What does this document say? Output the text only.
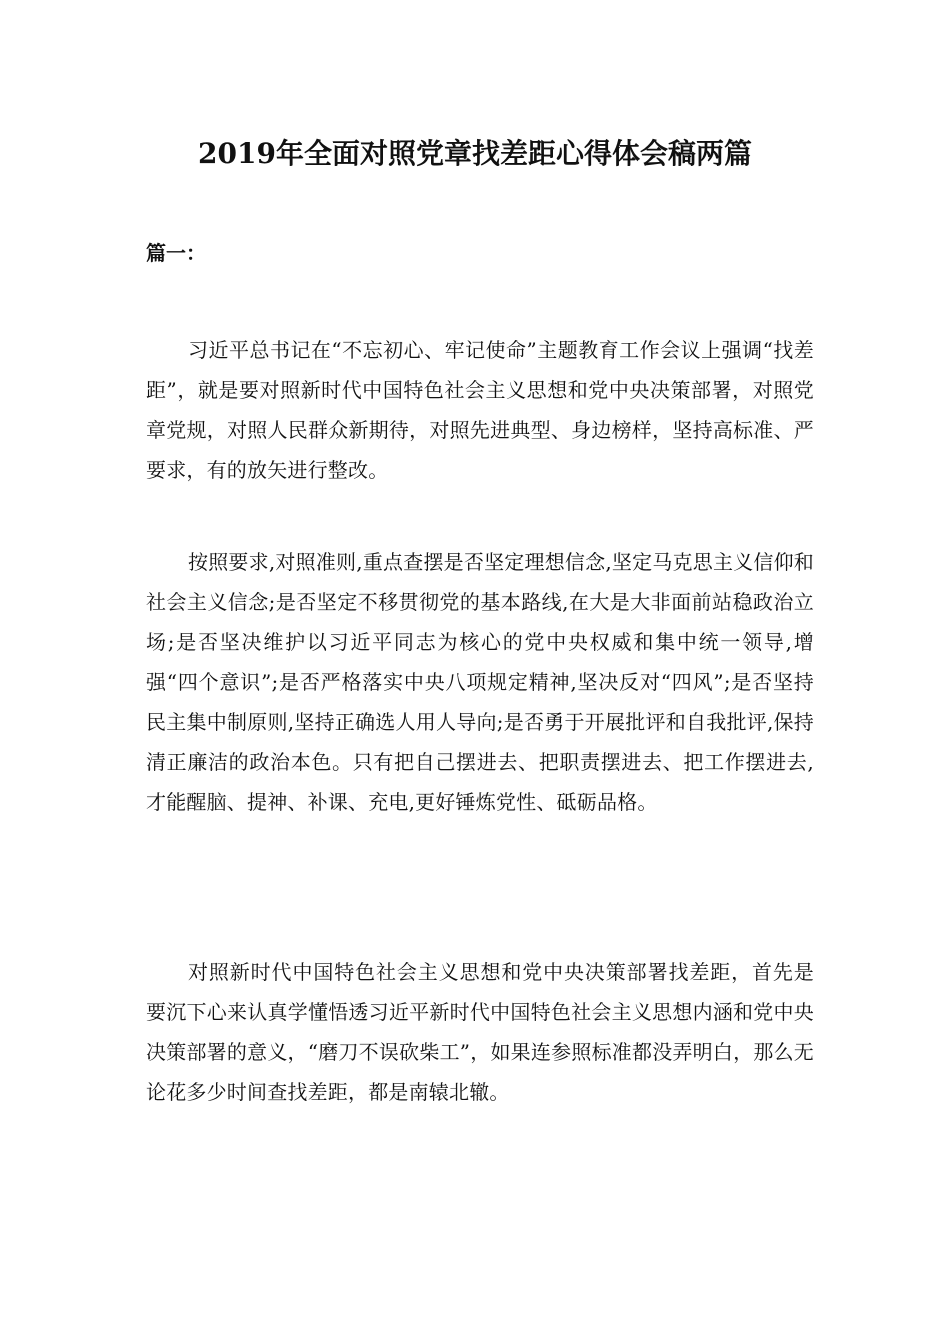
2019年全面对照党章找差距心得体会稿两篇
篇一：

习近平总书记在“不忘初心、牢记使命”主题教育工作会议上强调“找差距”，就是要对照新时代中国特色社会主义思想和党中央决策部署，对照党章党规，对照人民群众新期待，对照先进典型、身边榜样，坚持高标准、严要求，有的放矢进行整改。

按照要求,对照准则,重点查摆是否坚定理想信念,坚定马克思主义信仰和社会主义信念;是否坚定不移贯彻党的基本路线,在大是大非面前站稳政治立场;是否坚决维护以习近平同志为核心的党中央权威和集中统一领导,增强“四个意识”;是否严格落实中央八项规定精神,坚决反对“四风”;是否坚持民主集中制原则,坚持正确选人用人导向;是否勇于开展批评和自我批评,保持清正廉洁的政治本色。只有把自己摆进去、把职责摆进去、把工作摆进去,才能醒脑、提神、补课、充电,更好锤炼党性、砥砺品格。

对照新时代中国特色社会主义思想和党中央决策部署找差距，首先是要沉下心来认真学懂悟透习近平新时代中国特色社会主义思想内涵和党中央决策部署的意义，“磨刀不误砍柴工”，如果连参照标准都没弄明白，那么无论花多少时间查找差距，都是南辕北辙。
